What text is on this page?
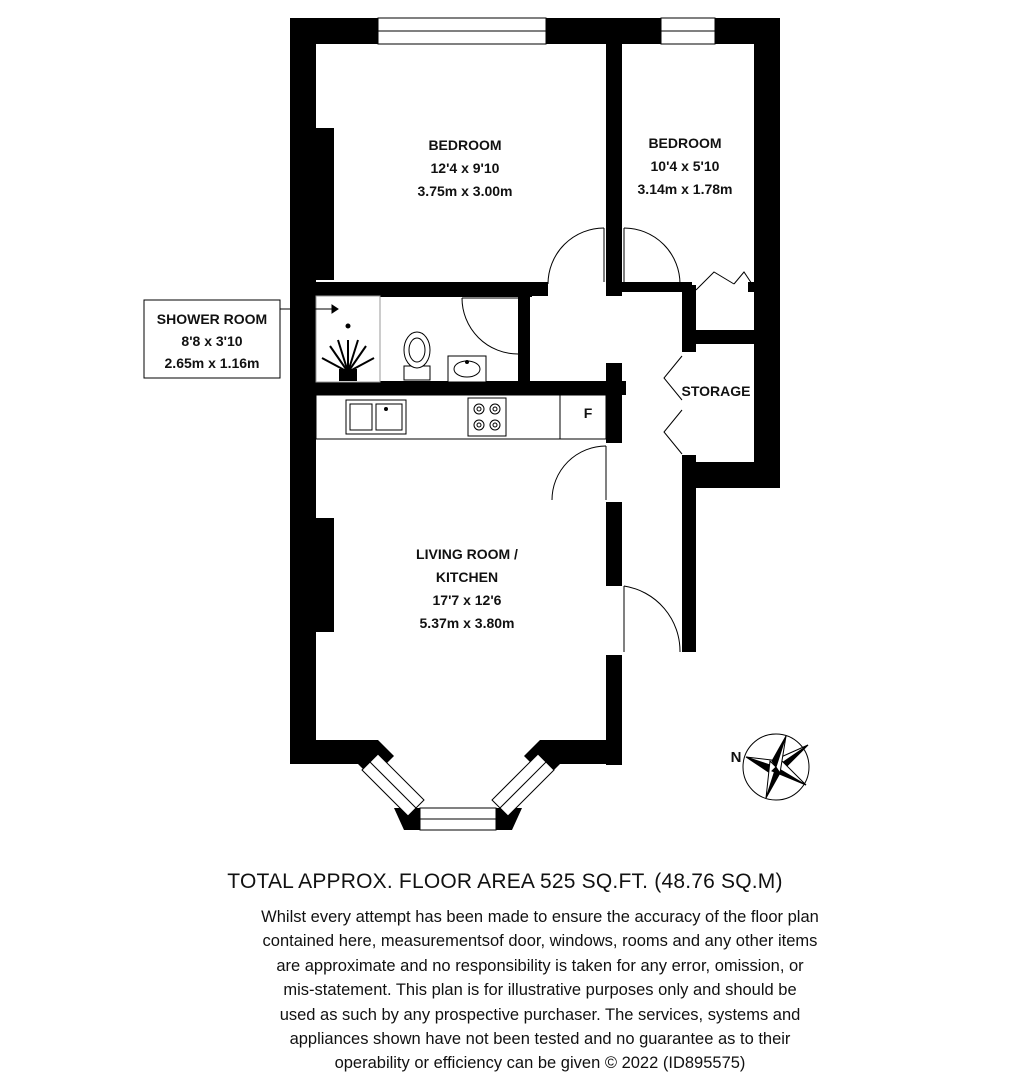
BEDROOM
12'4 x 9'10
3.75m x 3.00m
BEDROOM
10'4 x 5'10
3.14m x 1.78m
SHOWER ROOM
8'8 x 3'10
2.65m x 1.16m
STORAGE
F
LIVING ROOM /
KITCHEN
17'7 x 12'6
5.37m x 3.80m
N
TOTAL APPROX. FLOOR AREA 525 SQ.FT. (48.76 SQ.M)
Whilst every attempt has been made to ensure the accuracy of the floor plan
contained here, measurementsof door, windows, rooms and any other items
are approximate and no responsibility is taken for any error, omission, or
mis-statement. This plan is for illustrative purposes only and should be
used as such by any prospective purchaser. The services, systems and
appliances shown have not been tested and no guarantee as to their
operability or efficiency can be given © 2022 (ID895575)
